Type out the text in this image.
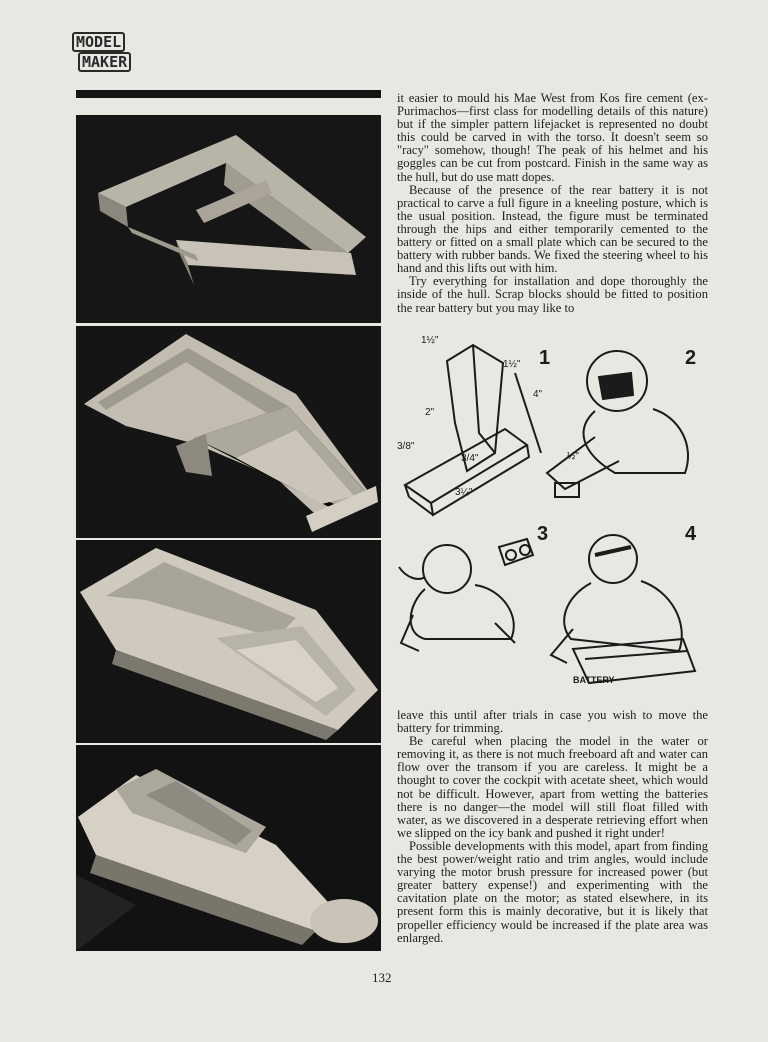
MODEL
MAKER

it easier to mould his Mae West from Kos fire cement (ex-Purimachos—first class for modelling details of this nature) but if the simpler pattern lifejacket is represented no doubt this could be carved in with the torso. It doesn't seem so "racy" somehow, though! The peak of his helmet and his goggles can be cut from postcard. Finish in the same way as the hull, but do use matt dopes.

Because of the presence of the rear battery it is not practical to carve a full figure in a kneeling posture, which is the usual position. Instead, the figure must be terminated through the hips and either temporarily cemented to the battery or fitted on a small plate which can be secured to the battery with rubber bands. We fixed the steering wheel to his hand and this lifts out with him.

Try everything for installation and dope thoroughly the inside of the hull. Scrap blocks should be fitted to position the rear battery but you may like to

1	2
3	4
1½"
1½"
4"
2"
3/8"
3/4"
3¼"
½"
BATTERY

leave this until after trials in case you wish to move the battery for trimming.

Be careful when placing the model in the water or removing it, as there is not much freeboard aft and water can flow over the transom if you are careless. It might be a thought to cover the cockpit with acetate sheet, which would not be difficult. However, apart from wetting the batteries there is no danger—the model will still float filled with water, as we discovered in a desperate retrieving effort when we slipped on the icy bank and pushed it right under!

Possible developments with this model, apart from finding the best power/weight ratio and trim angles, would include varying the motor brush pressure for increased power (but greater battery expense!) and experimenting with the cavitation plate on the motor; as stated elsewhere, in its present form this is mainly decorative, but it is likely that propeller efficiency would be increased if the plate area was enlarged.

132
